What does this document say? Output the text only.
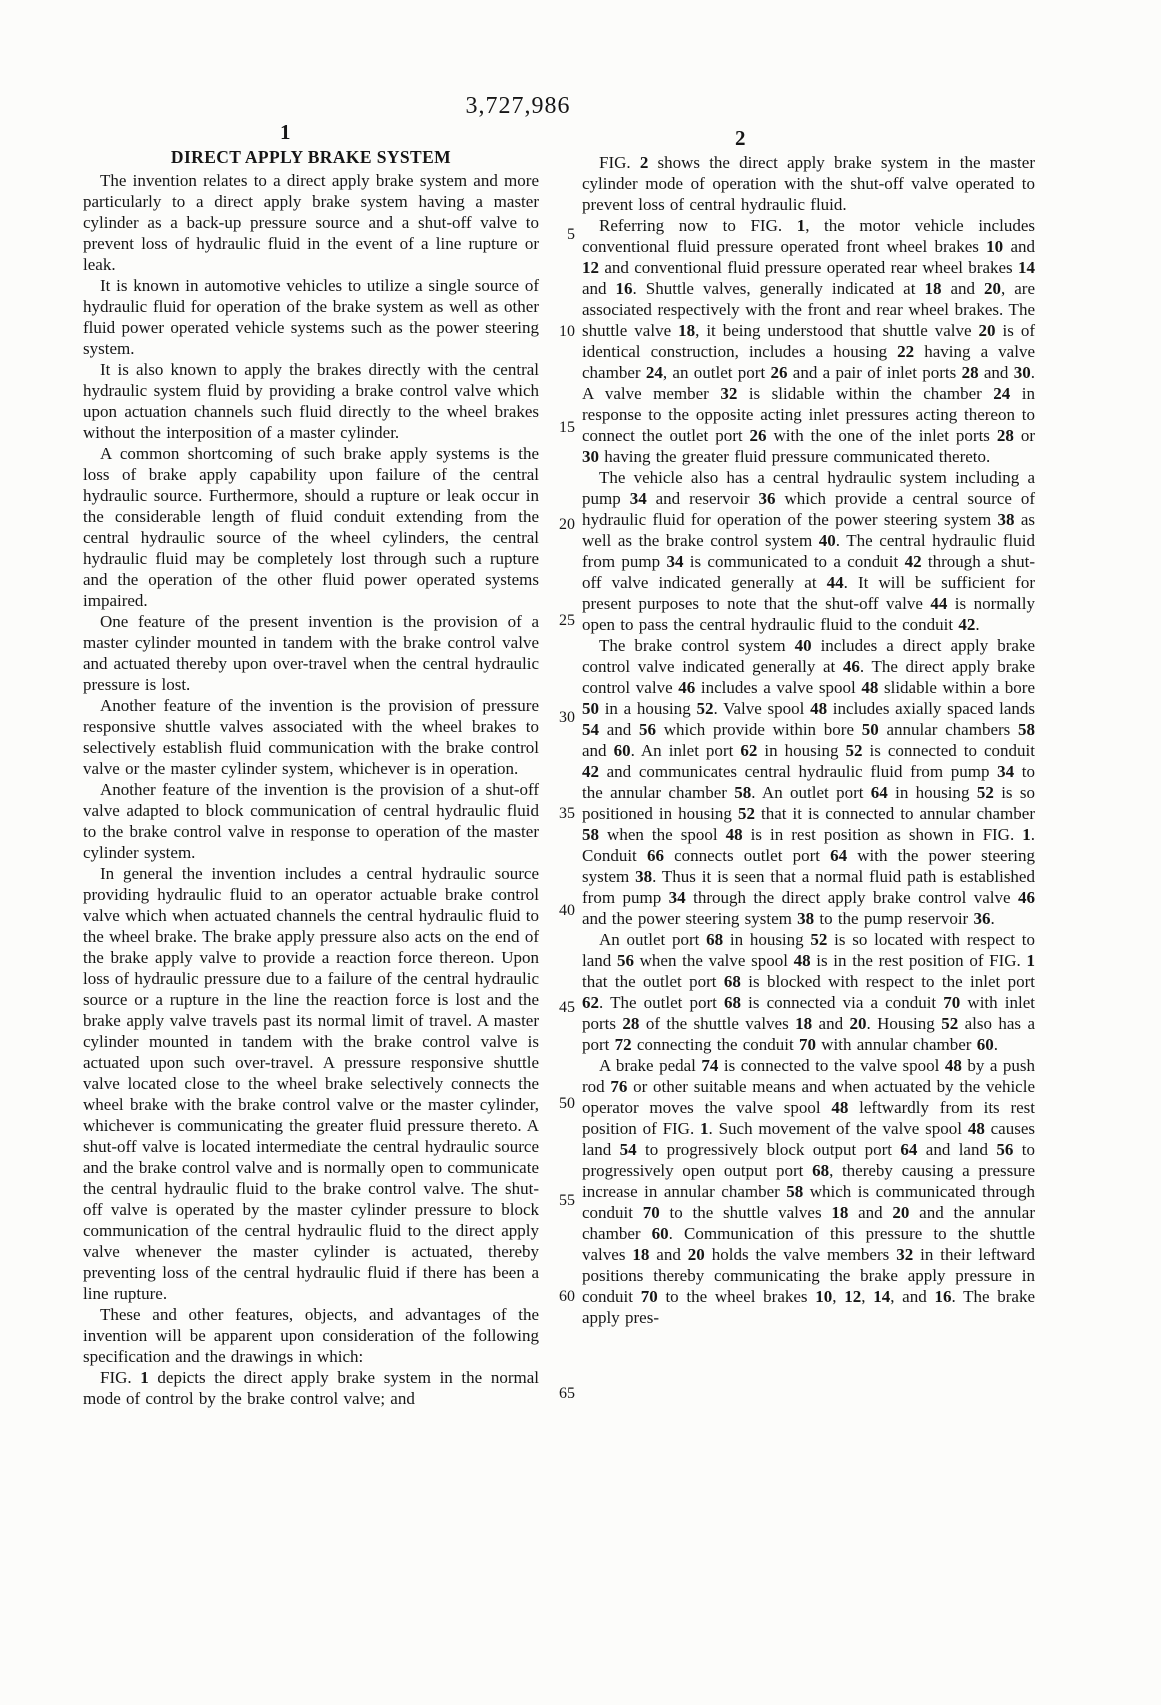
3,727,986
1	2
DIRECT APPLY BRAKE SYSTEM

The invention relates to a direct apply brake system and more particularly to a direct apply brake system having a master cylinder as a back-up pressure source and a shut-off valve to prevent loss of hydraulic fluid in the event of a line rupture or leak.

It is known in automotive vehicles to utilize a single source of hydraulic fluid for operation of the brake system as well as other fluid power operated vehicle systems such as the power steering system.

It is also known to apply the brakes directly with the central hydraulic system fluid by providing a brake control valve which upon actuation channels such fluid directly to the wheel brakes without the interposition of a master cylinder.

A common shortcoming of such brake apply systems is the loss of brake apply capability upon failure of the central hydraulic source. Furthermore, should a rupture or leak occur in the considerable length of fluid conduit extending from the central hydraulic source of the wheel cylinders, the central hydraulic fluid may be completely lost through such a rupture and the operation of the other fluid power operated systems impaired.

One feature of the present invention is the provision of a master cylinder mounted in tandem with the brake control valve and actuated thereby upon over-travel when the central hydraulic pressure is lost.

Another feature of the invention is the provision of pressure responsive shuttle valves associated with the wheel brakes to selectively establish fluid communication with the brake control valve or the master cylinder system, whichever is in operation.

Another feature of the invention is the provision of a shut-off valve adapted to block communication of central hydraulic fluid to the brake control valve in response to operation of the master cylinder system.

In general the invention includes a central hydraulic source providing hydraulic fluid to an operator actuable brake control valve which when actuated channels the central hydraulic fluid to the wheel brake. The brake apply pressure also acts on the end of the brake apply valve to provide a reaction force thereon. Upon loss of hydraulic pressure due to a failure of the central hydraulic source or a rupture in the line the reaction force is lost and the brake apply valve travels past its normal limit of travel. A master cylinder mounted in tandem with the brake control valve is actuated upon such over-travel. A pressure responsive shuttle valve located close to the wheel brake selectively connects the wheel brake with the brake control valve or the master cylinder, whichever is communicating the greater fluid pressure thereto. A shut-off valve is located intermediate the central hydraulic source and the brake control valve and is normally open to communicate the central hydraulic fluid to the brake control valve. The shut-off valve is operated by the master cylinder pressure to block communication of the central hydraulic fluid to the direct apply valve whenever the master cylinder is actuated, thereby preventing loss of the central hydraulic fluid if there has been a line rupture.

These and other features, objects, and advantages of the invention will be apparent upon consideration of the following specification and the drawings in which:

FIG. 1 depicts the direct apply brake system in the normal mode of control by the brake control valve; and

5
10
15
20
25
30
35
40
45
50
55
60
65

FIG. 2 shows the direct apply brake system in the master cylinder mode of operation with the shut-off valve operated to prevent loss of central hydraulic fluid.

Referring now to FIG. 1, the motor vehicle includes conventional fluid pressure operated front wheel brakes 10 and 12 and conventional fluid pressure operated rear wheel brakes 14 and 16. Shuttle valves, generally indicated at 18 and 20, are associated respectively with the front and rear wheel brakes. The shuttle valve 18, it being understood that shuttle valve 20 is of identical construction, includes a housing 22 having a valve chamber 24, an outlet port 26 and a pair of inlet ports 28 and 30. A valve member 32 is slidable within the chamber 24 in response to the opposite acting inlet pressures acting thereon to connect the outlet port 26 with the one of the inlet ports 28 or 30 having the greater fluid pressure communicated thereto.

The vehicle also has a central hydraulic system including a pump 34 and reservoir 36 which provide a central source of hydraulic fluid for operation of the power steering system 38 as well as the brake control system 40. The central hydraulic fluid from pump 34 is communicated to a conduit 42 through a shut-off valve indicated generally at 44. It will be sufficient for present purposes to note that the shut-off valve 44 is normally open to pass the central hydraulic fluid to the conduit 42.

The brake control system 40 includes a direct apply brake control valve indicated generally at 46. The direct apply brake control valve 46 includes a valve spool 48 slidable within a bore 50 in a housing 52. Valve spool 48 includes axially spaced lands 54 and 56 which provide within bore 50 annular chambers 58 and 60. An inlet port 62 in housing 52 is connected to conduit 42 and communicates central hydraulic fluid from pump 34 to the annular chamber 58. An outlet port 64 in housing 52 is so positioned in housing 52 that it is connected to annular chamber 58 when the spool 48 is in rest position as shown in FIG. 1. Conduit 66 connects outlet port 64 with the power steering system 38. Thus it is seen that a normal fluid path is established from pump 34 through the direct apply brake control valve 46 and the power steering system 38 to the pump reservoir 36.

An outlet port 68 in housing 52 is so located with respect to land 56 when the valve spool 48 is in the rest position of FIG. 1 that the outlet port 68 is blocked with respect to the inlet port 62. The outlet port 68 is connected via a conduit 70 with inlet ports 28 of the shuttle valves 18 and 20. Housing 52 also has a port 72 connecting the conduit 70 with annular chamber 60.

A brake pedal 74 is connected to the valve spool 48 by a push rod 76 or other suitable means and when actuated by the vehicle operator moves the valve spool 48 leftwardly from its rest position of FIG. 1. Such movement of the valve spool 48 causes land 54 to progressively block output port 64 and land 56 to progressively open output port 68, thereby causing a pressure increase in annular chamber 58 which is communicated through conduit 70 to the shuttle valves 18 and 20 and the annular chamber 60. Communication of this pressure to the shuttle valves 18 and 20 holds the valve members 32 in their leftward positions thereby communicating the brake apply pressure in conduit 70 to the wheel brakes 10, 12, 14, and 16. The brake apply pres-
